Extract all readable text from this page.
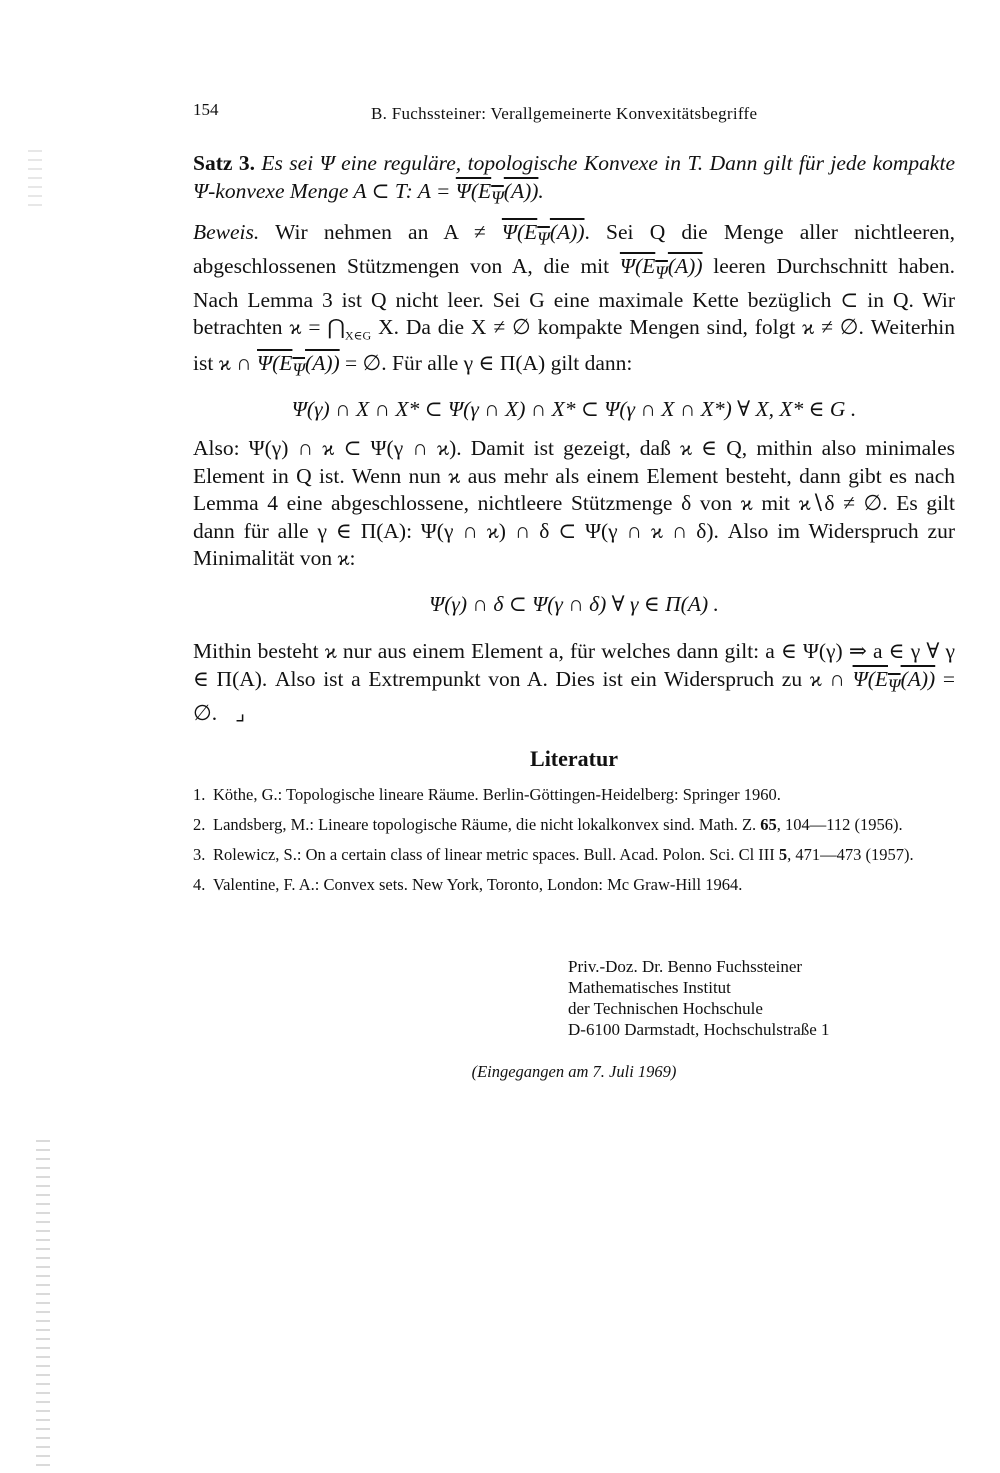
154	B. Fuchssteiner: Verallgemeinerte Konvexitätsbegriffe

Satz 3. Es sei Ψ eine reguläre, topologische Konvexe in T. Dann gilt für jede kompakte Ψ-konvexe Menge A ⊂ T: $A = \Psi(E_\Psi(A))$.

Beweis. Wir nehmen an $A \ne \Psi(E_\Psi(A))$. Sei Q die Menge aller nichtleeren, abgeschlossenen Stützmengen von A, die mit $\Psi(E_\Psi(A))$ leeren Durchschnitt haben. Nach Lemma 3 ist Q nicht leer. Sei G eine maximale Kette bezüglich ⊂ in Q. Wir betrachten $ϰ = ⋂_{X\in G}$ X. Da die X ≠ ∅ kompakte Mengen sind, folgt ϰ ≠ ∅. Weiterhin ist ϰ ∩ $\Psi(E_\Psi(A))$ = ∅. Für alle γ ∈ Π(A) gilt dann:

Ψ(γ) ∩ X ∩ X* ⊂ Ψ(γ ∩ X) ∩ X* ⊂ Ψ(γ ∩ X ∩ X*) ∀ X, X* ∈ G .

Also: Ψ(γ) ∩ ϰ ⊂ Ψ(γ ∩ ϰ). Damit ist gezeigt, daß ϰ ∈ Q, mithin also minimales Element in Q ist. Wenn nun ϰ aus mehr als einem Element besteht, dann gibt es nach Lemma 4 eine abgeschlossene, nichtleere Stützmenge δ von ϰ mit ϰ∖δ ≠ ∅. Es gilt dann für alle γ ∈ Π(A): Ψ(γ ∩ ϰ) ∩ δ ⊂ Ψ(γ ∩ ϰ ∩ δ). Also im Widerspruch zur Minimalität von ϰ:

Ψ(γ) ∩ δ ⊂ Ψ(γ ∩ δ) ∀ γ ∈ Π(A) .

Mithin besteht ϰ nur aus einem Element a, für welches dann gilt: a ∈ Ψ(γ) ⇒ a ∈ γ ∀ γ ∈ Π(A). Also ist a Extrempunkt von A. Dies ist ein Widerspruch zu ϰ ∩ $\Psi(E_\Psi(A))$ = ∅. ⌟

Literatur
1. Köthe, G.: Topologische lineare Räume. Berlin-Göttingen-Heidelberg: Springer 1960.
2. Landsberg, M.: Lineare topologische Räume, die nicht lokalkonvex sind. Math. Z. 65, 104—112 (1956).
3. Rolewicz, S.: On a certain class of linear metric spaces. Bull. Acad. Polon. Sci. Cl III 5, 471—473 (1957).
4. Valentine, F. A.: Convex sets. New York, Toronto, London: Mc Graw-Hill 1964.
Priv.-Doz. Dr. Benno Fuchssteiner
Mathematisches Institut
der Technischen Hochschule
D-6100 Darmstadt, Hochschulstraße 1
(Eingegangen am 7. Juli 1969)
